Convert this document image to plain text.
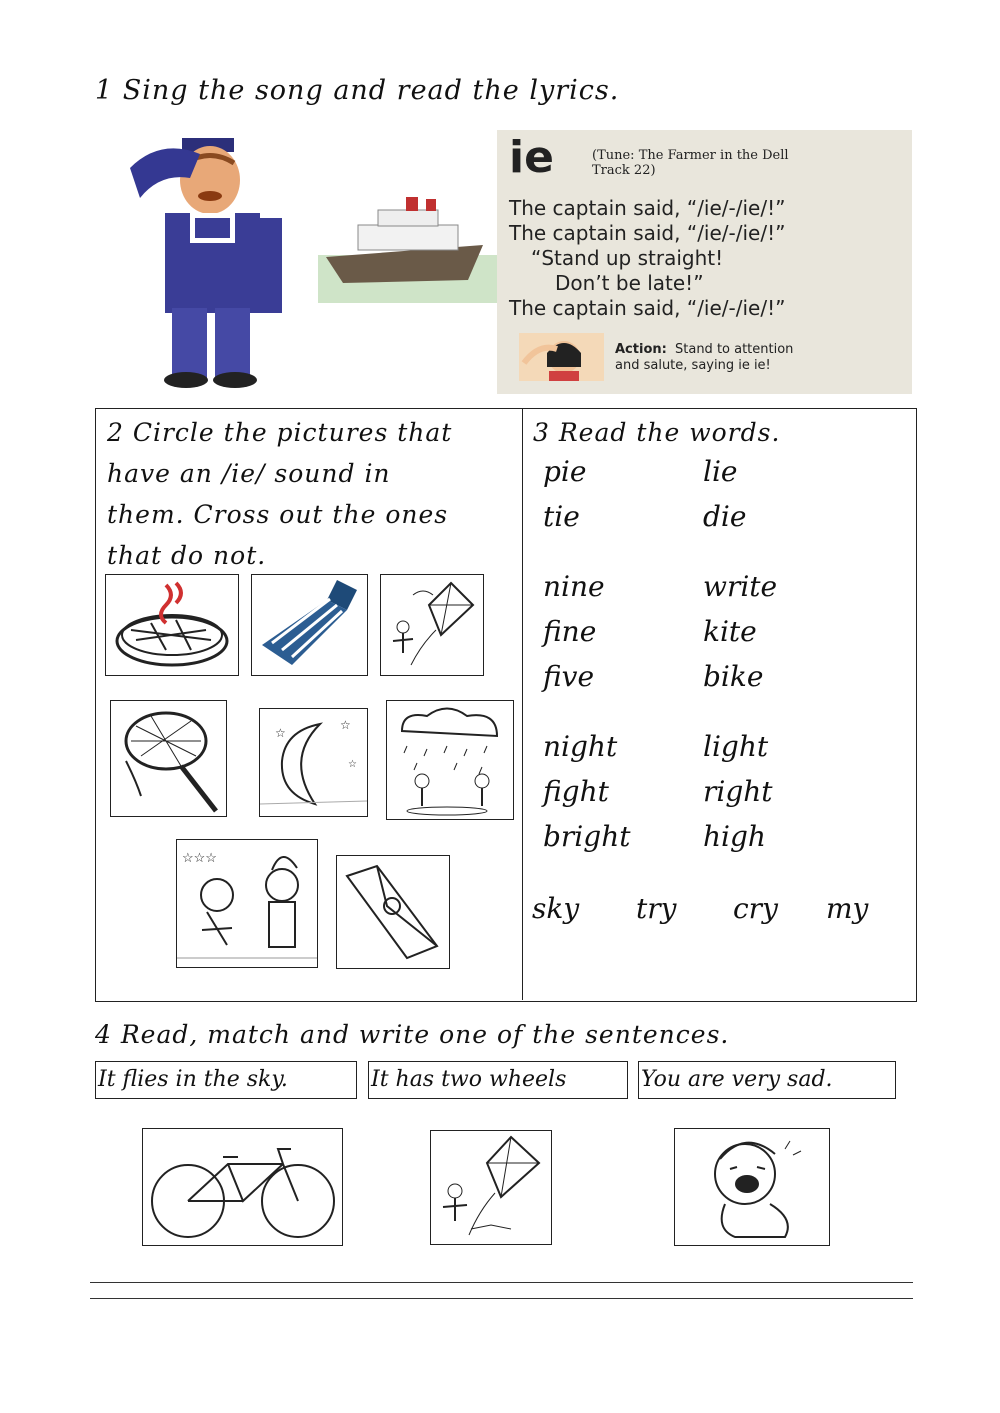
1 Sing the song and read the lyrics.
ie	(Tune: The Farmer in the Dell
Track 22)
The captain said, “/ie/-/ie/!”
The captain said, “/ie/-/ie/!”
“Stand up straight!
Don’t be late!”
The captain said, “/ie/-/ie/!”
Action: Stand to attention
and salute, saying ie ie!
2 Circle the pictures that
have an /ie/ sound in
them. Cross out the ones
that do not.
☆
☆
☆
☆☆☆
3 Read the words.
pie	lie
tie	die
nine	write
fine	kite
five	bike
night	light
fight	right
bright	high
sky try cry my
4 Read, match and write one of the sentences.
It flies in the sky.	It has two wheels	You are very sad.
